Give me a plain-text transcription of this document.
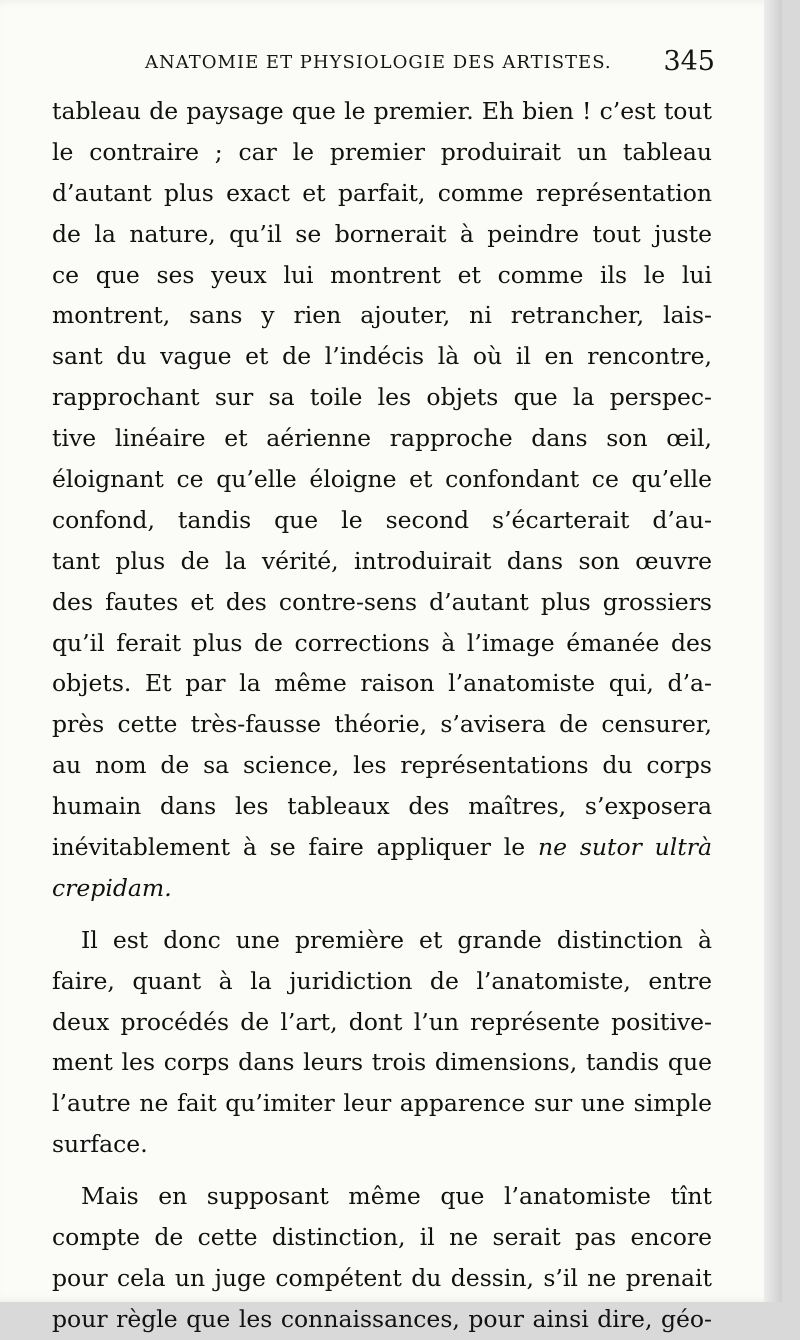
ANATOMIE ET PHYSIOLOGIE DES ARTISTES. 345
tableau de paysage que le premier. Eh bien ! c’est tout
le contraire ; car le premier produirait un tableau
d’autant plus exact et parfait, comme représentation
de la nature, qu’il se bornerait à peindre tout juste
ce que ses yeux lui montrent et comme ils le lui
montrent, sans y rien ajouter, ni retrancher, lais-
sant du vague et de l’indécis là où il en rencontre,
rapprochant sur sa toile les objets que la perspec-
tive linéaire et aérienne rapproche dans son œil,
éloignant ce qu’elle éloigne et confondant ce qu’elle
confond, tandis que le second s’écarterait d’au-
tant plus de la vérité, introduirait dans son œuvre
des fautes et des contre-sens d’autant plus grossiers
qu’il ferait plus de corrections à l’image émanée des
objets. Et par la même raison l’anatomiste qui, d’a-
près cette très-fausse théorie, s’avisera de censurer,
au nom de sa science, les représentations du corps
humain dans les tableaux des maîtres, s’exposera
inévitablement à se faire appliquer le ne sutor ultrà
crepidam.
Il est donc une première et grande distinction à
faire, quant à la juridiction de l’anatomiste, entre
deux procédés de l’art, dont l’un représente positive-
ment les corps dans leurs trois dimensions, tandis que
l’autre ne fait qu’imiter leur apparence sur une simple
surface.
Mais en supposant même que l’anatomiste tînt
compte de cette distinction, il ne serait pas encore
pour cela un juge compétent du dessin, s’il ne prenait
pour règle que les connaissances, pour ainsi dire, géo-
